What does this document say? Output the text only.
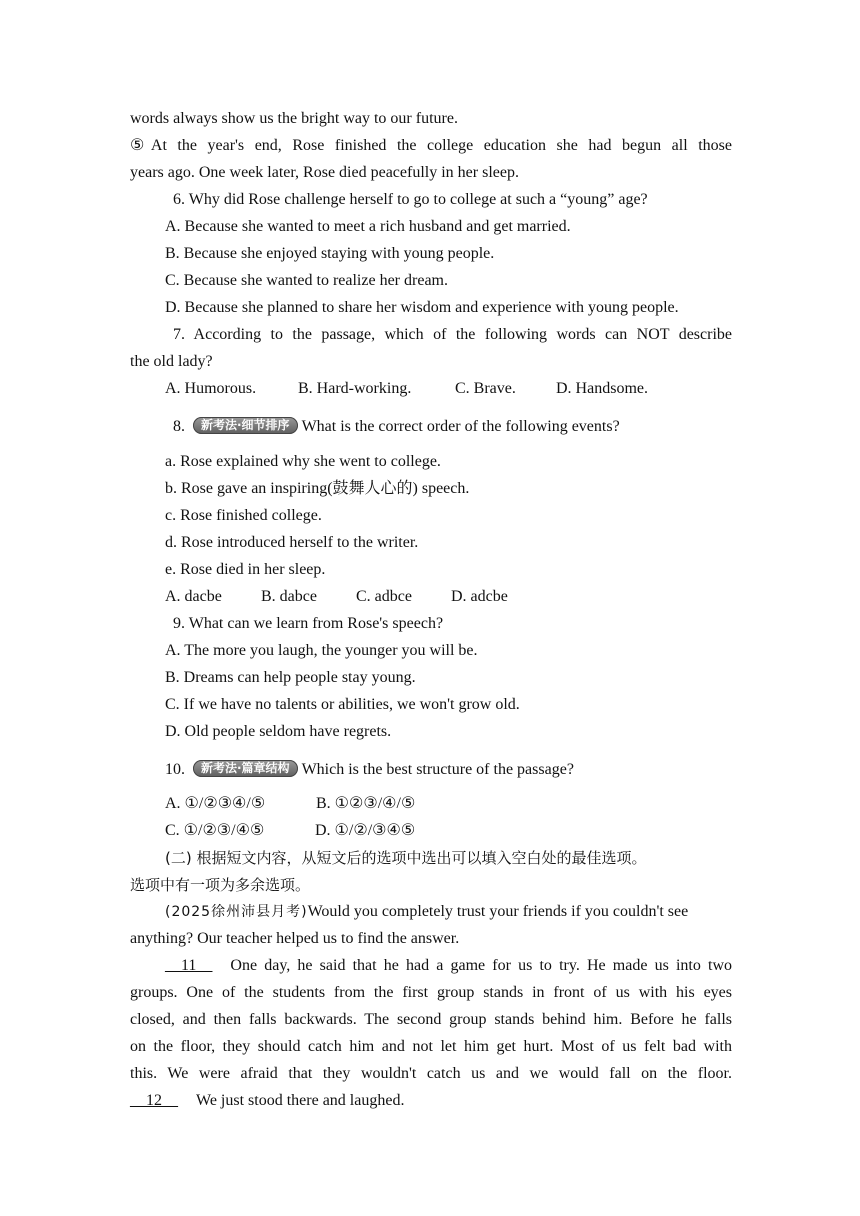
words always show us the bright way to our future.
⑤At the year's end, Rose finished the college education she had begun all those
years ago. One week later, Rose died peacefully in her sleep.
6. Why did Rose challenge herself to go to college at such a “young” age?
A. Because she wanted to meet a rich husband and get married.
B. Because she enjoyed staying with young people.
C. Because she wanted to realize her dream.
D. Because she planned to share her wisdom and experience with young people.
7. According to the passage, which of the following words can NOT describe
the old lady?
A. Humorous.	B. Hard-working.	C. Brave.	D. Handsome.
8. 新考法·细节排序 What is the correct order of the following events?
a. Rose explained why she went to college.
b. Rose gave an inspiring(鼓舞人心的) speech.
c. Rose finished college.
d. Rose introduced herself to the writer.
e. Rose died in her sleep.
A. dacbe B. dabce C. adbce D. adcbe
9. What can we learn from Rose's speech?
A. The more you laugh, the younger you will be.
B. Dreams can help people stay young.
C. If we have no talents or abilities, we won't grow old.
D. Old people seldom have regrets.
10. 新考法·篇章结构 Which is the best structure of the passage?
A. ①/②③④/⑤	B. ①②③/④/⑤
C. ①/②③/④⑤	D. ①/②/③④⑤
(二) 根据短文内容，从短文后的选项中选出可以填入空白处的最佳选项。
选项中有一项为多余选项。
(2025徐州沛县月考)Would you completely trust your friends if you couldn't see
anything? Our teacher helped us to find the answer.
__11__ One day, he said that he had a game for us to try. He made us into two
groups. One of the students from the first group stands in front of us with his eyes
closed, and then falls backwards. The second group stands behind him. Before he falls
on the floor, they should catch him and not let him get hurt. Most of us felt bad with
this. We were afraid that they wouldn't catch us and we would fall on the floor.
__12__ We just stood there and laughed.
